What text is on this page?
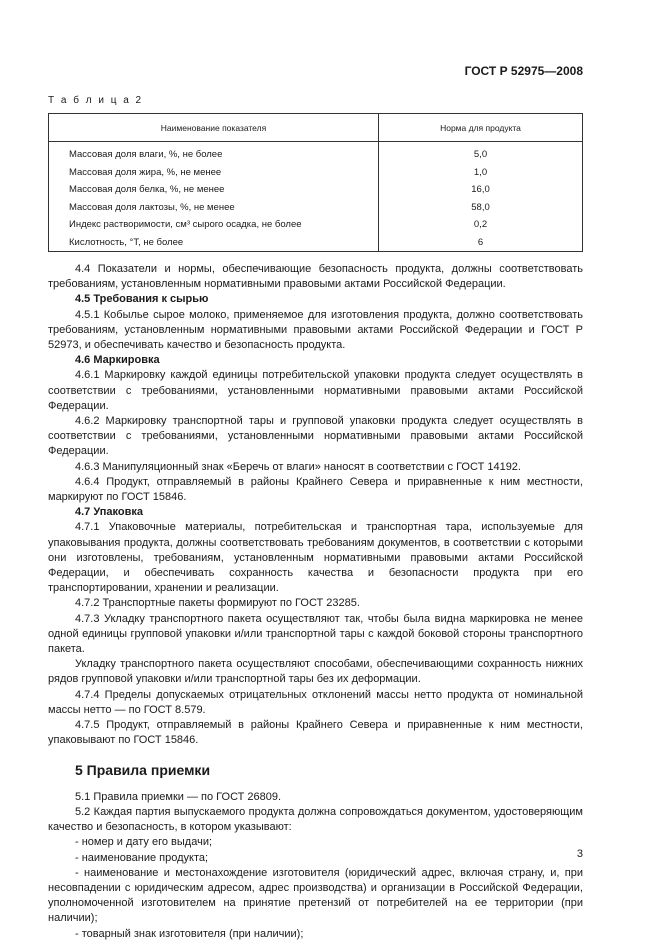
ГОСТ Р 52975—2008
Т а б л и ц а 2
Наименование показателя	Норма для продукта
Массовая доля влаги, %, не более	5,0
Массовая доля жира, %, не менее	1,0
Массовая доля белка, %, не менее	16,0
Массовая доля лактозы, %, не менее	58,0
Индекс растворимости, см³ сырого осадка, не более	0,2
Кислотность, °Т, не более	6

4.4 Показатели и нормы, обеспечивающие безопасность продукта, должны соответствовать требованиям, установленным нормативными правовыми актами Российской Федерации.

4.5 Требования к сырью

4.5.1 Кобылье сырое молоко, применяемое для изготовления продукта, должно соответствовать требованиям, установленным нормативными правовыми актами Российской Федерации и ГОСТ Р 52973, и обеспечивать качество и безопасность продукта.

4.6 Маркировка

4.6.1 Маркировку каждой единицы потребительской упаковки продукта следует осуществлять в соответствии с требованиями, установленными нормативными правовыми актами Российской Федерации.

4.6.2 Маркировку транспортной тары и групповой упаковки продукта следует осуществлять в соответствии с требованиями, установленными нормативными правовыми актами Российской Федерации.

4.6.3 Манипуляционный знак «Беречь от влаги» наносят в соответствии с ГОСТ 14192.

4.6.4 Продукт, отправляемый в районы Крайнего Севера и приравненные к ним местности, маркируют по ГОСТ 15846.

4.7 Упаковка

4.7.1 Упаковочные материалы, потребительская и транспортная тара, используемые для упаковывания продукта, должны соответствовать требованиям документов, в соответствии с которыми они изготовлены, требованиям, установленным нормативными правовыми актами Российской Федерации, и обеспечивать сохранность качества и безопасности продукта при его транспортировании, хранении и реализации.

4.7.2 Транспортные пакеты формируют по ГОСТ 23285.

4.7.3 Укладку транспортного пакета осуществляют так, чтобы была видна маркировка не менее одной единицы групповой упаковки и/или транспортной тары с каждой боковой стороны транспортного пакета.

Укладку транспортного пакета осуществляют способами, обеспечивающими сохранность нижних рядов групповой упаковки и/или транспортной тары без их деформации.

4.7.4 Пределы допускаемых отрицательных отклонений массы нетто продукта от номинальной массы нетто — по ГОСТ 8.579.

4.7.5 Продукт, отправляемый в районы Крайнего Севера и приравненные к ним местности, упаковывают по ГОСТ 15846.

5 Правила приемки

5.1 Правила приемки — по ГОСТ 26809.

5.2 Каждая партия выпускаемого продукта должна сопровождаться документом, удостоверяющим качество и безопасность, в котором указывают:

- номер и дату его выдачи;

- наименование продукта;

- наименование и местонахождение изготовителя (юридический адрес, включая страну, и, при несовпадении с юридическим адресом, адрес производства) и организации в Российской Федерации, уполномоченной изготовителем на принятие претензий от потребителей на ее территории (при наличии);

- товарный знак изготовителя (при наличии);

3
